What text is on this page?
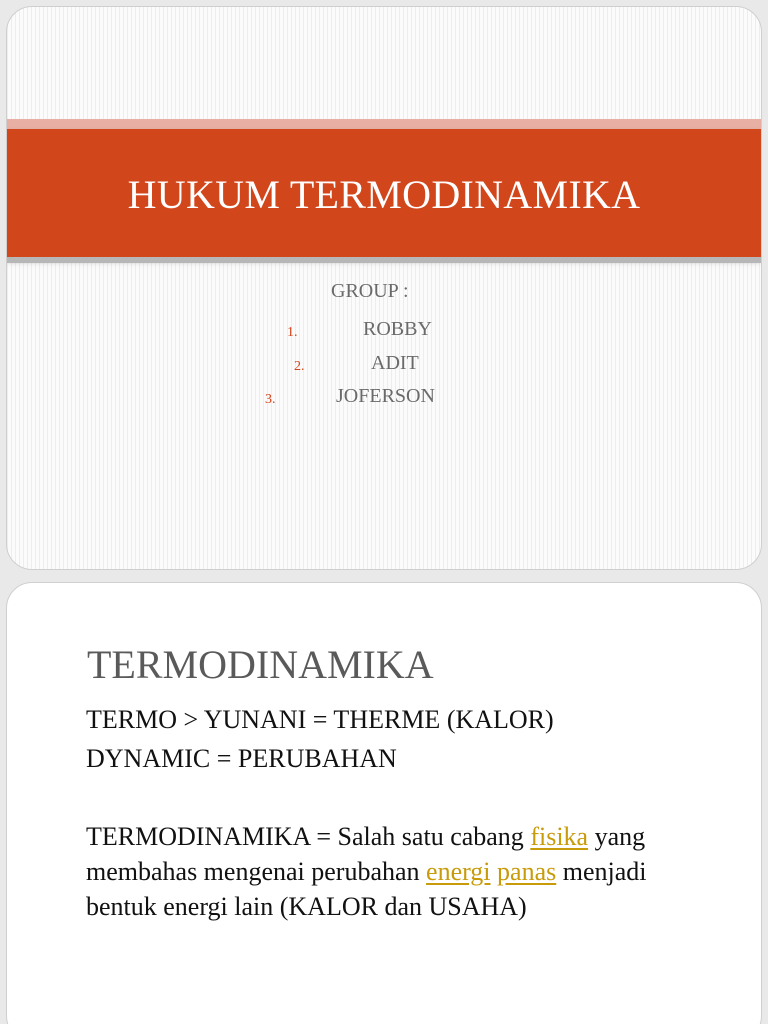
HUKUM TERMODINAMIKA
GROUP :
1.	ROBBY
2.	ADIT
3.	JOFERSON
TERMODINAMIKA
TERMO > YUNANI = THERME (KALOR)
DYNAMIC = PERUBAHAN
TERMODINAMIKA = Salah satu cabang fisika yang membahas mengenai perubahan energi panas menjadi bentuk energi lain (KALOR dan USAHA)
